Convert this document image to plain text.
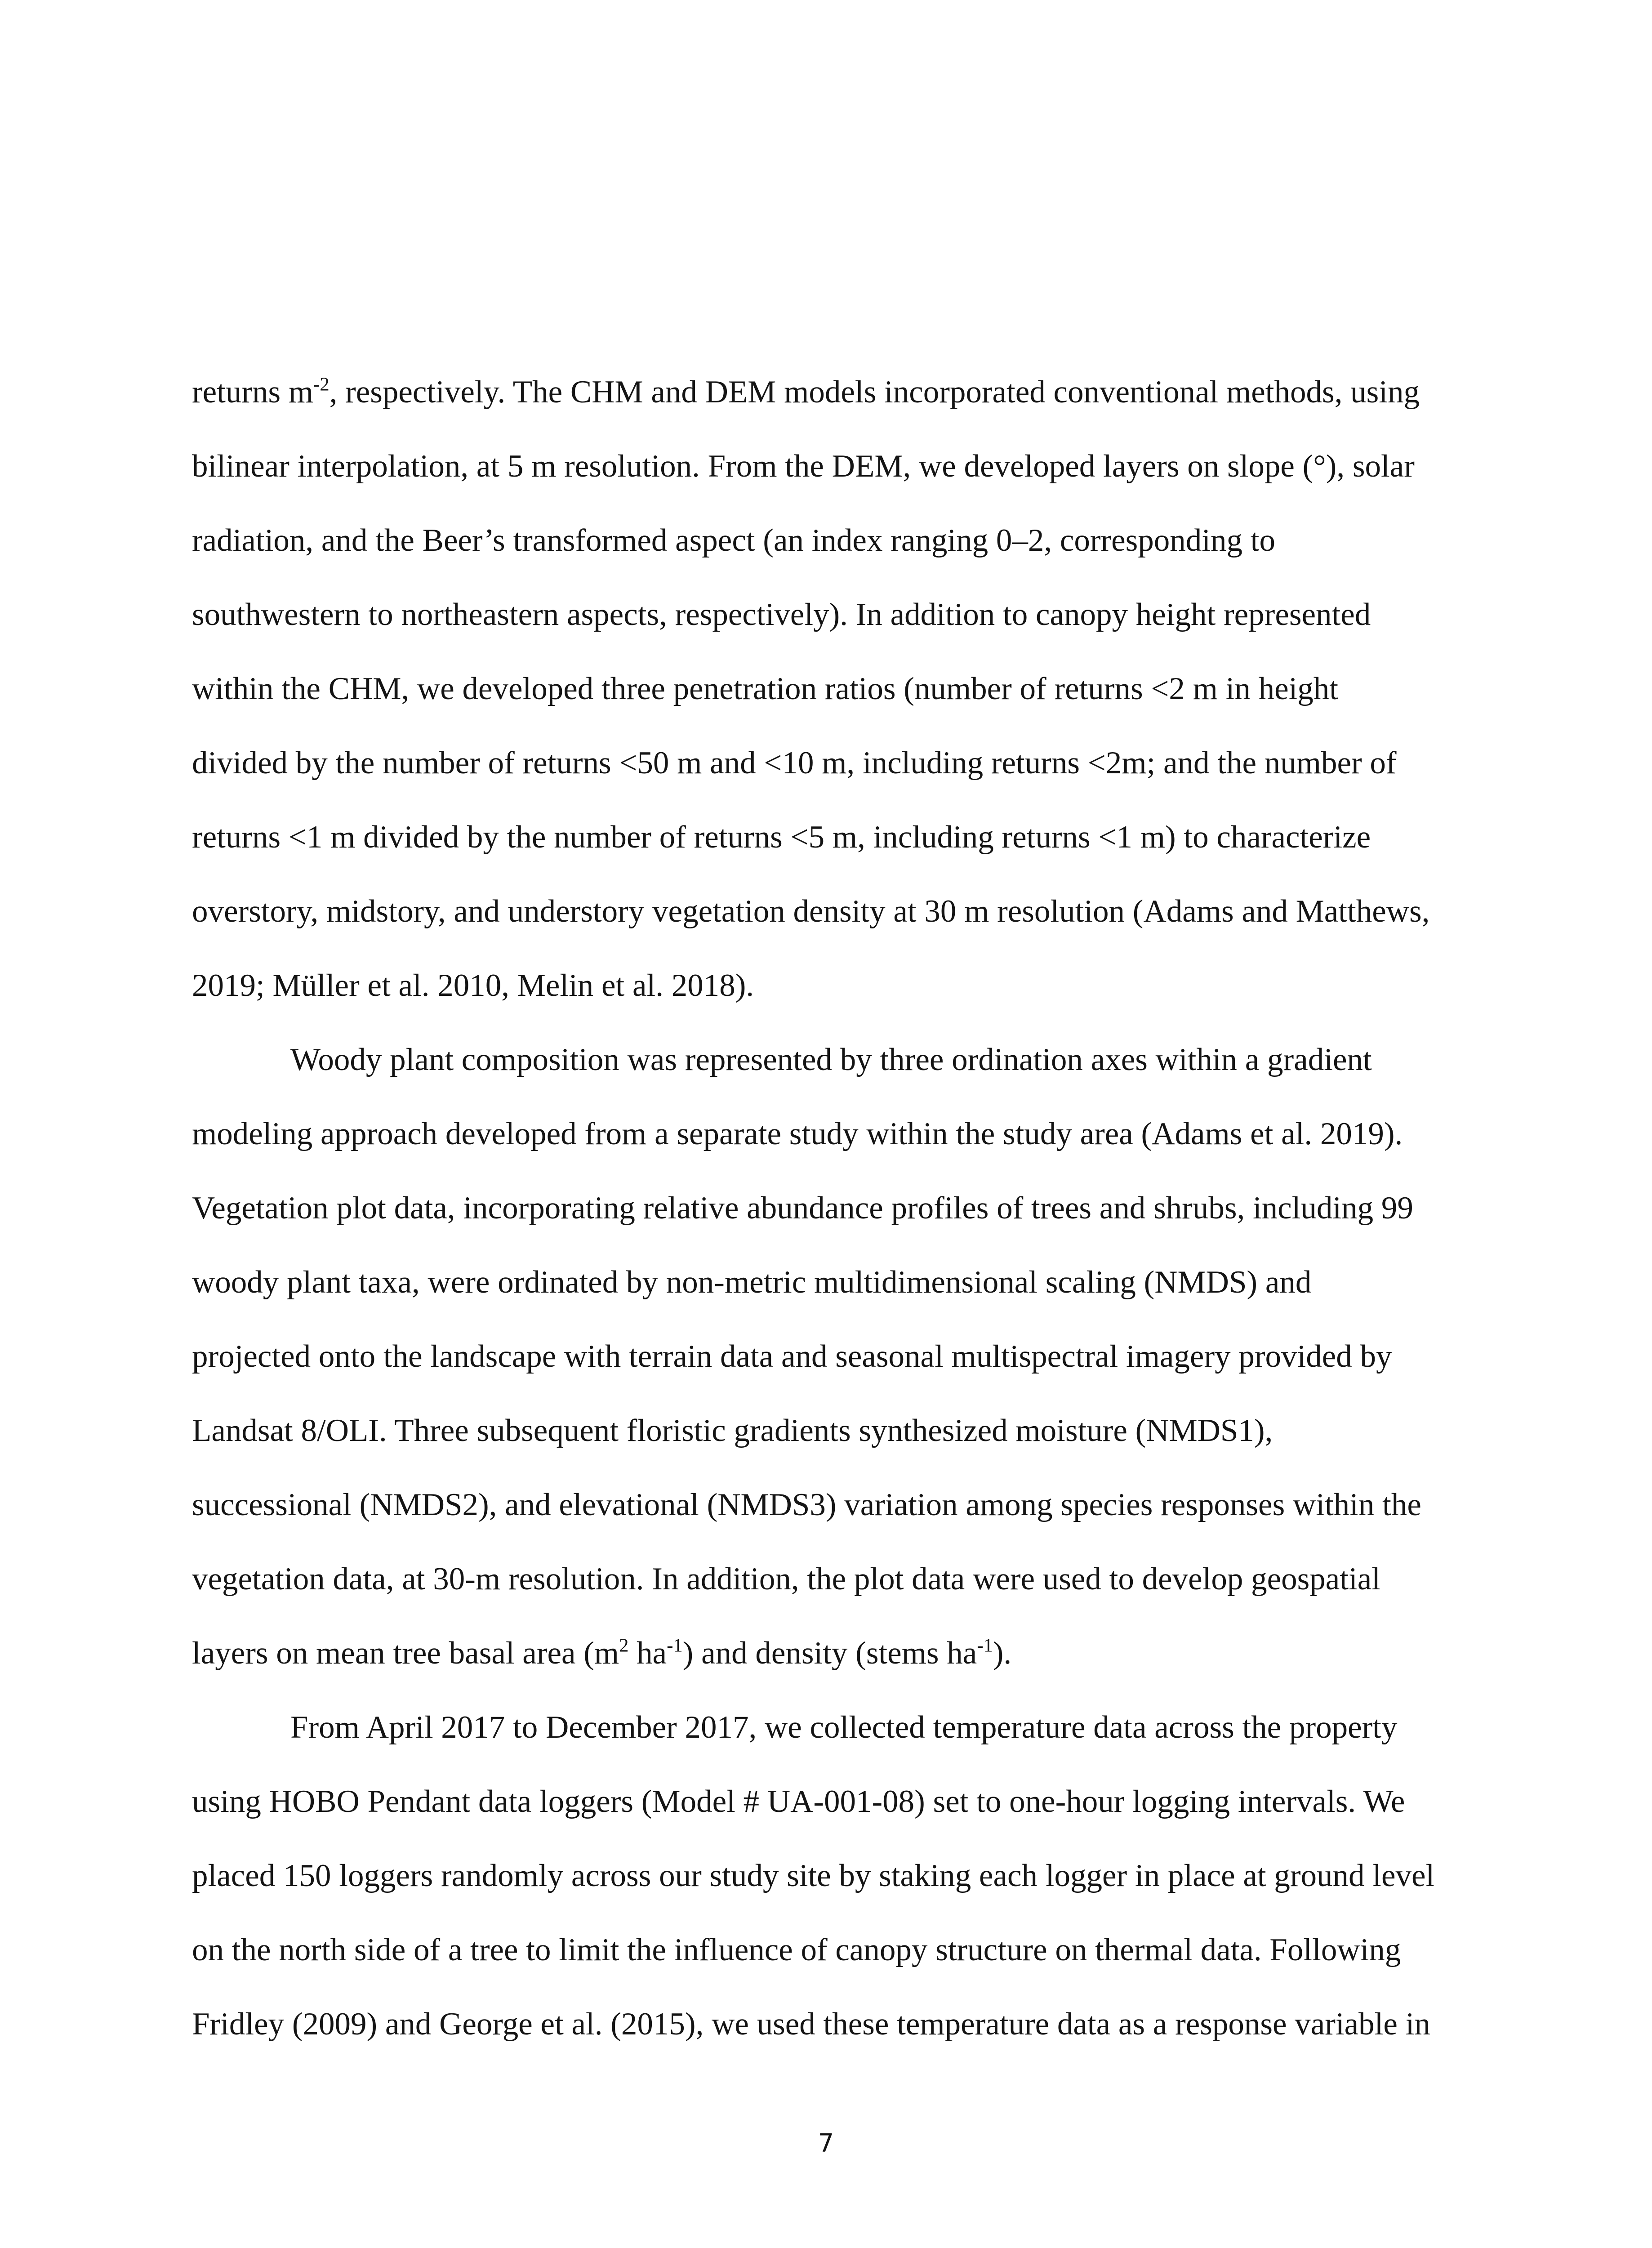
returns $m^{-2}$, respectively. The CHM and DEM models incorporated conventional methods, using
bilinear interpolation, at 5 m resolution. From the DEM, we developed layers on slope (°), solar
radiation, and the Beer’s transformed aspect (an index ranging 0–2, corresponding to
southwestern to northeastern aspects, respectively). In addition to canopy height represented
within the CHM, we developed three penetration ratios (number of returns <2 m in height
divided by the number of returns <50 m and <10 m, including returns <2m; and the number of
returns <1 m divided by the number of returns <5 m, including returns <1 m) to characterize
overstory, midstory, and understory vegetation density at 30 m resolution (Adams and Matthews,
2019; Müller et al. 2010, Melin et al. 2018).
Woody plant composition was represented by three ordination axes within a gradient
modeling approach developed from a separate study within the study area (Adams et al. 2019).
Vegetation plot data, incorporating relative abundance profiles of trees and shrubs, including 99
woody plant taxa, were ordinated by non-metric multidimensional scaling (NMDS) and
projected onto the landscape with terrain data and seasonal multispectral imagery provided by
Landsat 8/OLI. Three subsequent floristic gradients synthesized moisture (NMDS1),
successional (NMDS2), and elevational (NMDS3) variation among species responses within the
vegetation data, at 30-m resolution. In addition, the plot data were used to develop geospatial
layers on mean tree basal area ($m^2$ $ha^{-1}$) and density (stems $ha^{-1}$).
From April 2017 to December 2017, we collected temperature data across the property
using HOBO Pendant data loggers (Model # UA-001-08) set to one-hour logging intervals. We
placed 150 loggers randomly across our study site by staking each logger in place at ground level
on the north side of a tree to limit the influence of canopy structure on thermal data. Following
Fridley (2009) and George et al. (2015), we used these temperature data as a response variable in
7
